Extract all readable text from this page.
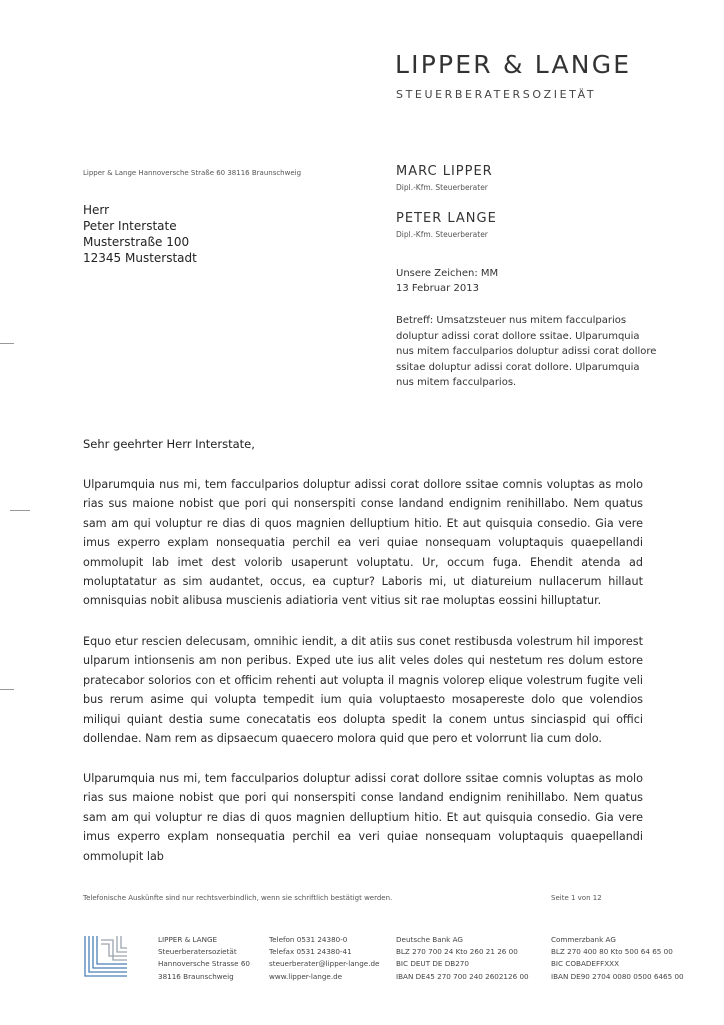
LIPPER & LANGE
STEUERBERATERSOZIETÄT
Lipper & Lange Hannoversche Straße 60 38116 Braunschweig
Herr
Peter Interstate
Musterstraße 100
12345 Musterstadt
MARC LIPPER
Dipl.-Kfm. Steuerberater
PETER LANGE
Dipl.-Kfm. Steuerberater
Unsere Zeichen: MM
13 Februar 2013
Betreff: Umsatzsteuer nus mitem facculparios doluptur adissi corat dollore ssitae. Ulparumquia nus mitem facculparios doluptur adissi corat dollore ssitae doluptur adissi corat dollore. Ulparumquia nus mitem facculparios.
Sehr geehrter Herr Interstate,
Ulparumquia nus mi, tem facculparios doluptur adissi corat dollore ssitae comnis voluptas as molo rias sus maione nobist que pori qui nonserspiti conse landand endignim renihillabo. Nem quatus sam am qui voluptur re dias di quos magnien delluptium hitio. Et aut quisquia consedio. Gia vere imus experro explam nonsequatia perchil ea veri quiae nonsequam voluptaquis quaepellandi ommolupit lab imet dest volorib usaperunt voluptatu. Ur, occum fuga. Ehendit atenda ad moluptatatur as sim audantet, occus, ea cuptur? Laboris mi, ut diatureium nullacerum hillaut omnisquias nobit alibusa muscienis adiatioria vent vitius sit rae moluptas eossini hilluptatur.
Equo etur rescien delecusam, omnihic iendit, a dit atiis sus conet restibusda volestrum hil imporest ulparum intionsenis am non peribus. Exped ute ius alit veles doles qui nestetum res dolum estore pratecabor solorios con et officim rehenti aut volupta il magnis volorep elique volestrum fugite veli bus rerum asime qui volupta tempedit ium quia voluptaesto mosapereste dolo que volendios miliqui quiant destia sume conecatatis eos dolupta spedit la conem untus sinciaspid qui offici dollendae. Nam rem as dipsaecum quaecero molora quid que pero et volorrunt lia cum dolo.
Ulparumquia nus mi, tem facculparios doluptur adissi corat dollore ssitae comnis voluptas as molo rias sus maione nobist que pori qui nonserspiti conse landand endignim renihillabo. Nem quatus sam am qui voluptur re dias di quos magnien delluptium hitio. Et aut quisquia consedio. Gia vere imus experro explam nonsequatia perchil ea veri quiae nonsequam voluptaquis quaepellandi ommolupit lab
Telefonische Auskünfte sind nur rechtsverbindlich, wenn sie schriftlich bestätigt werden.	Seite 1 von 12
LIPPER & LANGE
Steuerberatersozietät
Hannoversche Strasse 60
38116 Braunschweig
Telefon 0531 24380-0
Telefax 0531 24380-41
steuerberater@lipper-lange.de
www.lipper-lange.de
Deutsche Bank AG
BLZ 270 700 24 Kto 260 21 26 00
BIC DEUT DE DB270
IBAN DE45 270 700 240 2602126 00
Commerzbank AG
BLZ 270 400 80 Kto 500 64 65 00
BIC COBADEFFXXX
IBAN DE90 2704 0080 0500 6465 00
